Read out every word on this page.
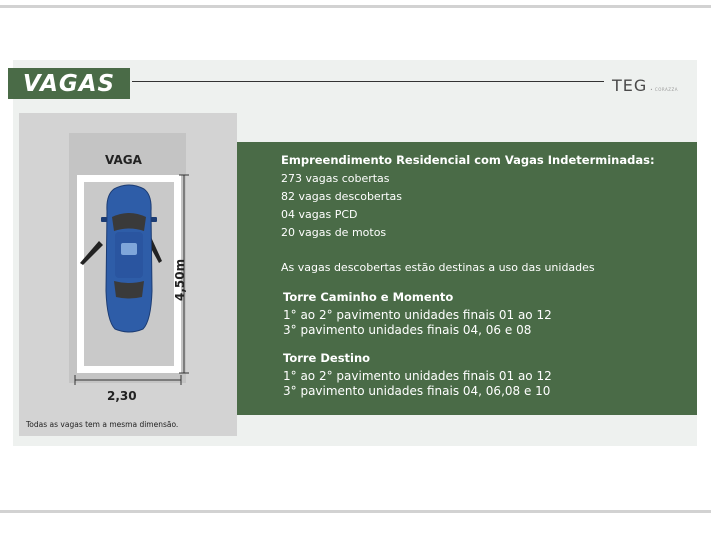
VAGAS	TEG • CORAZZA
VAGA
4,50m
2,30
Todas as vagas tem a mesma dimensão.
Empreendimento Residencial com Vagas Indeterminadas:
273 vagas cobertas
82 vagas descobertas
04 vagas PCD
20 vagas de motos
As vagas descobertas estão destinas a uso das unidades
Torre Caminho e Momento
1° ao 2° pavimento unidades finais 01 ao 12
3° pavimento unidades finais 04, 06 e 08
Torre Destino
1° ao 2° pavimento unidades finais 01 ao 12
3° pavimento unidades finais 04, 06,08 e 10
